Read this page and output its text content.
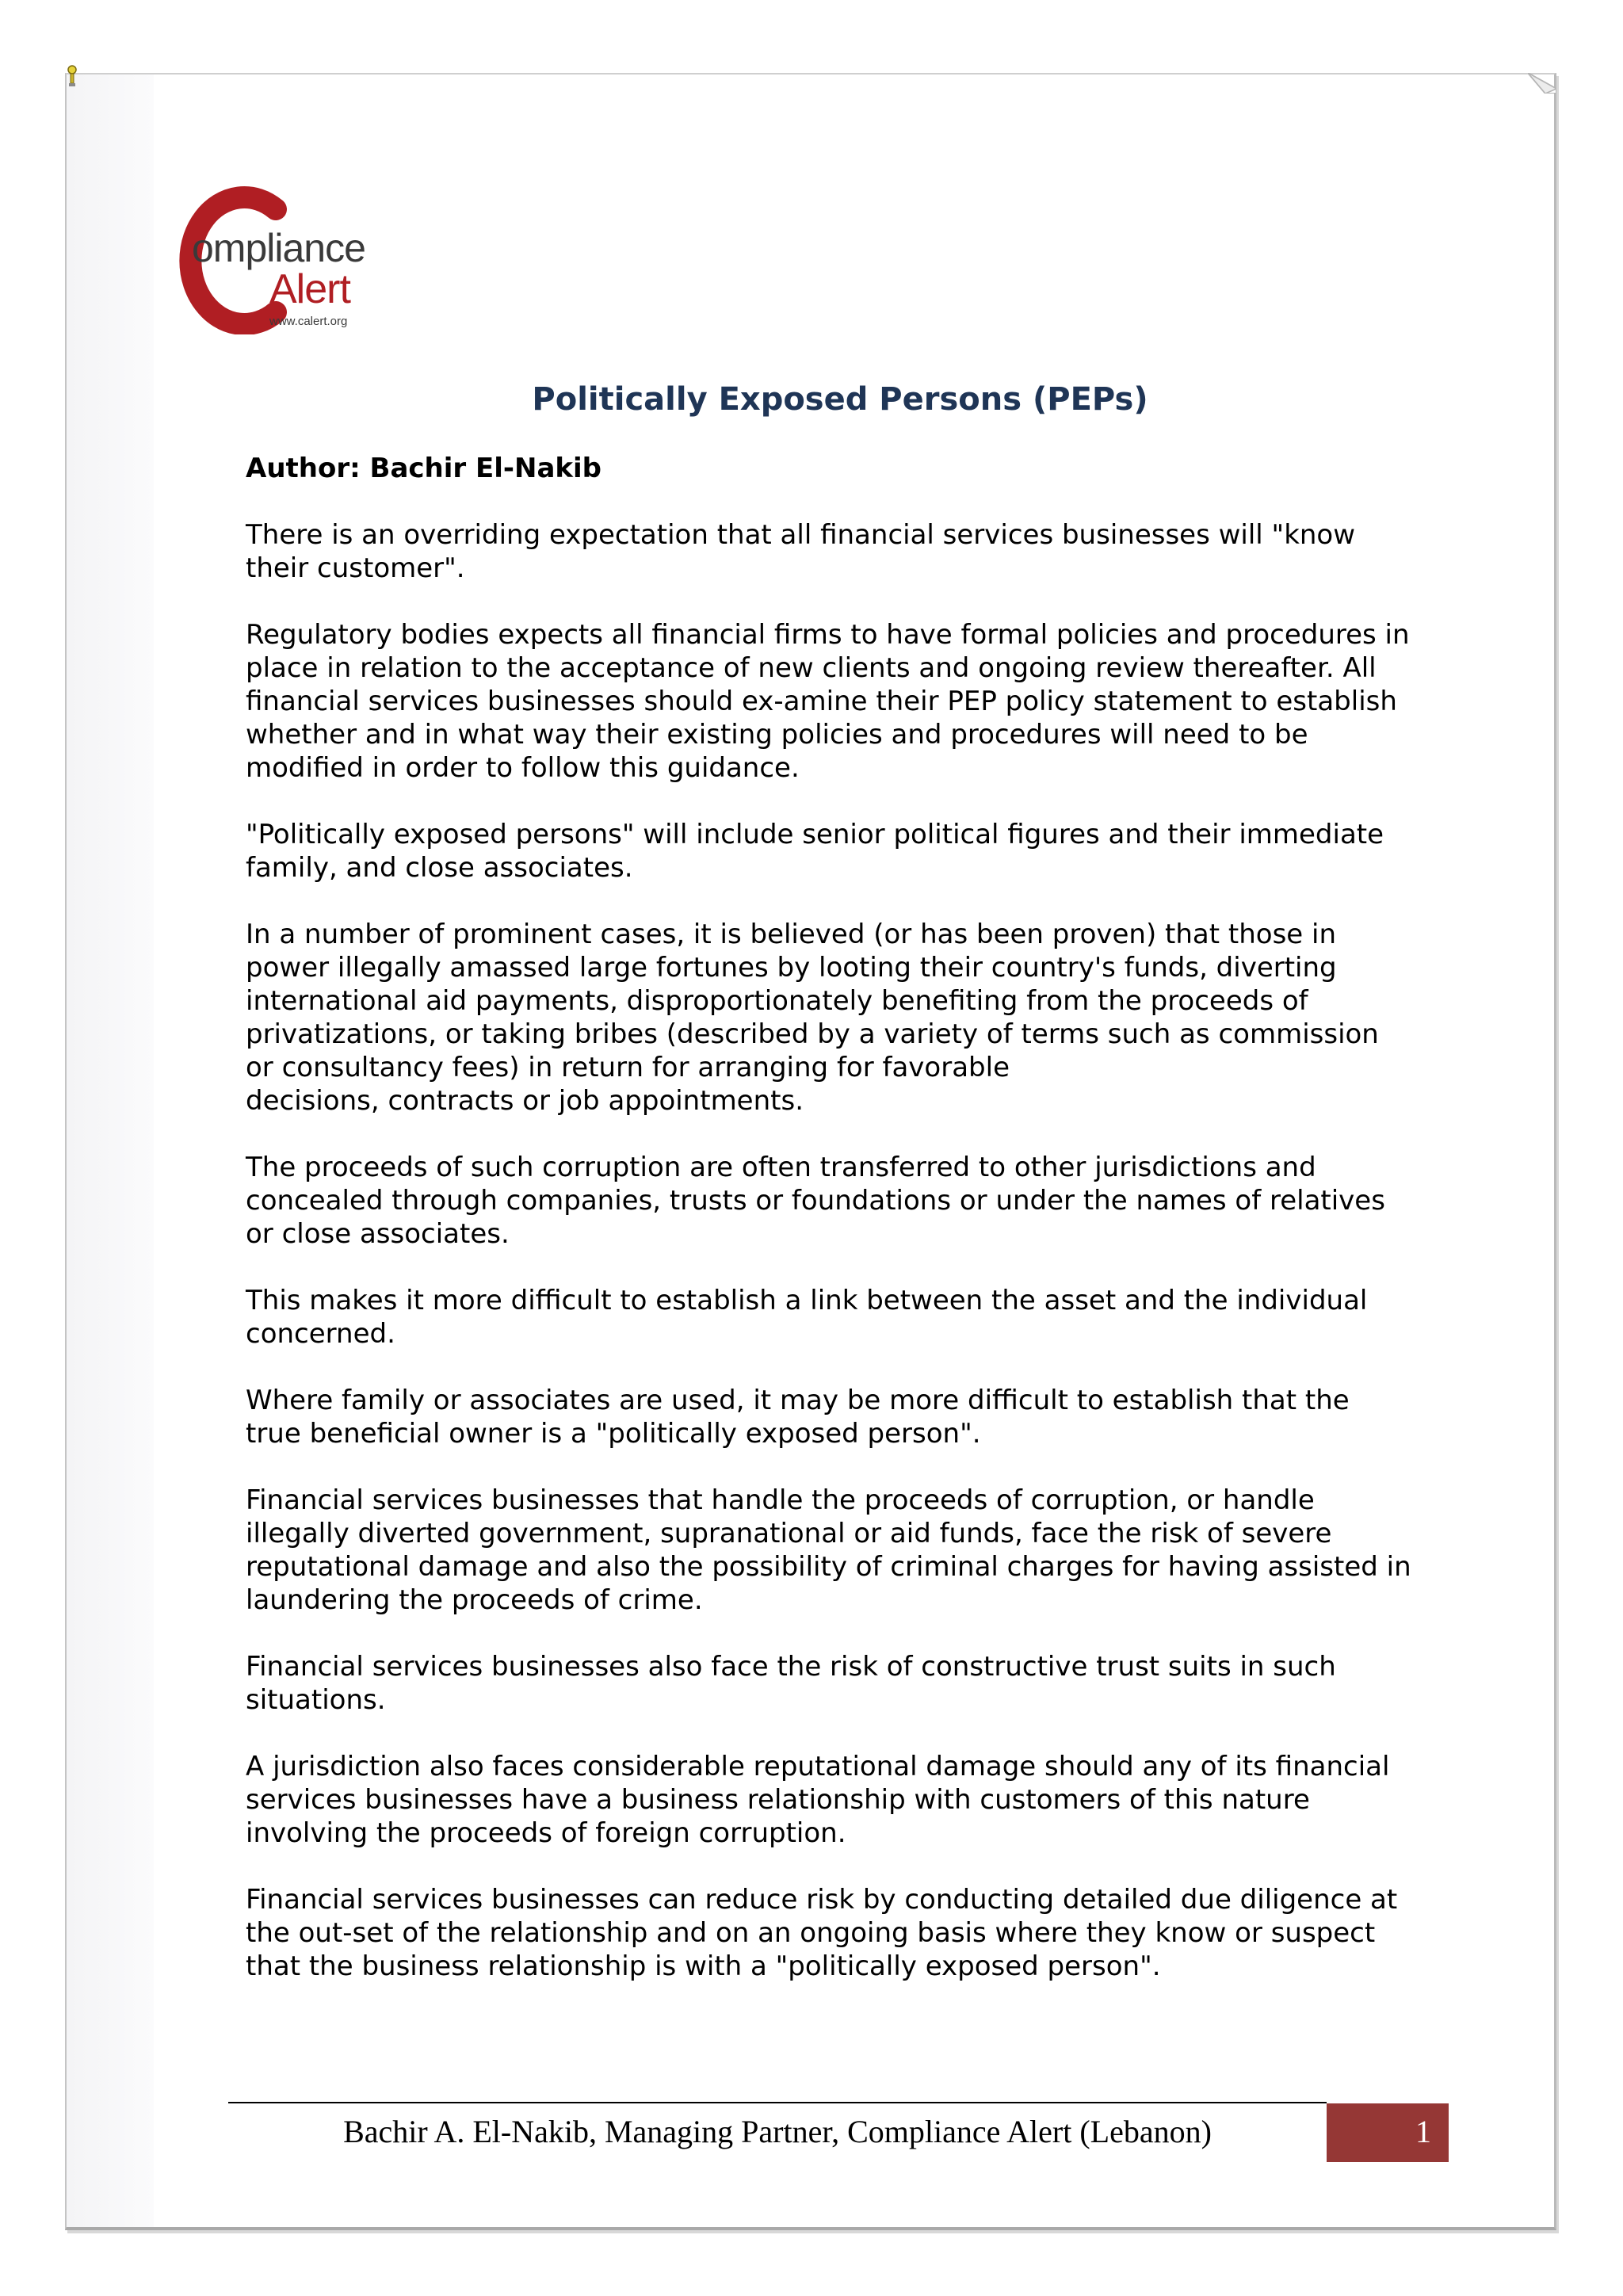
ompliance
Alert
www.calert.org
Politically Exposed Persons (PEPs)

Author: Bachir El-Nakib

There is an overriding expectation that all financial services businesses will "know
their customer".

Regulatory bodies expects all financial firms to have formal policies and procedures in
place in relation to the acceptance of new clients and ongoing review thereafter. All
financial services businesses should ex-amine their PEP policy statement to establish
whether and in what way their existing policies and procedures will need to be
modified in order to follow this guidance.

"Politically exposed persons" will include senior political figures and their immediate
family, and close associates.

In a number of prominent cases, it is believed (or has been proven) that those in
power illegally amassed large fortunes by looting their country's funds, diverting
international aid payments, disproportionately benefiting from the proceeds of
privatizations, or taking bribes (described by a variety of terms such as commission
or consultancy fees) in return for arranging for favorable
decisions, contracts or job appointments.

The proceeds of such corruption are often transferred to other jurisdictions and
concealed through companies, trusts or foundations or under the names of relatives
or close associates.

This makes it more difficult to establish a link between the asset and the individual
concerned.

Where family or associates are used, it may be more difficult to establish that the
true beneficial owner is a "politically exposed person".

Financial services businesses that handle the proceeds of corruption, or handle
illegally diverted government, supranational or aid funds, face the risk of severe
reputational damage and also the possibility of criminal charges for having assisted in
laundering the proceeds of crime.

Financial services businesses also face the risk of constructive trust suits in such
situations.

A jurisdiction also faces considerable reputational damage should any of its financial
services businesses have a business relationship with customers of this nature
involving the proceeds of foreign corruption.

Financial services businesses can reduce risk by conducting detailed due diligence at
the out-set of the relationship and on an ongoing basis where they know or suspect
that the business relationship is with a "politically exposed person".

Bachir A. El-Nakib, Managing Partner, Compliance Alert (Lebanon)	1
